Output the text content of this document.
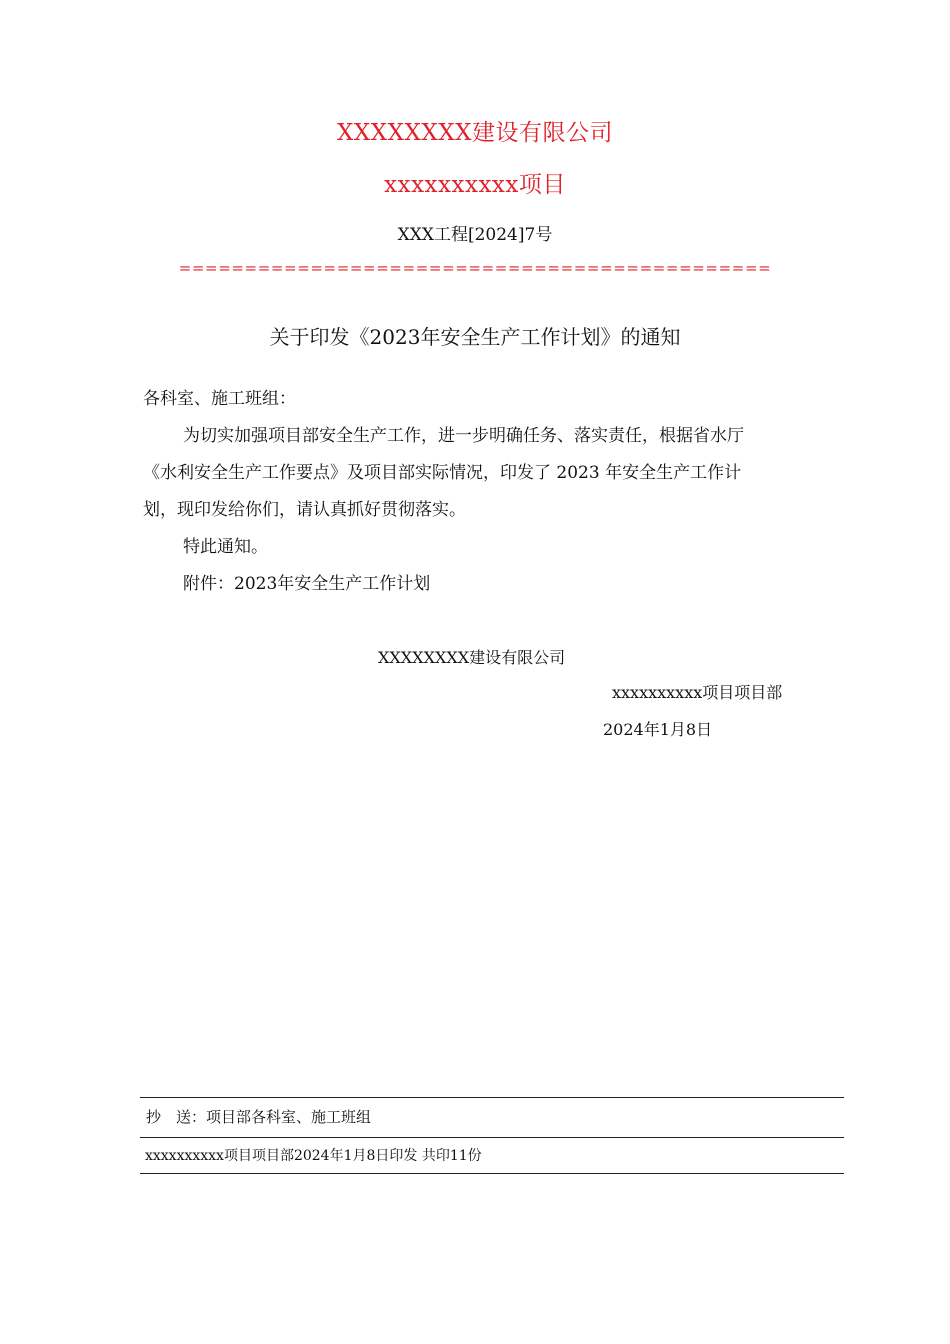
XXXXXXXX建设有限公司
xxxxxxxxxx项目
XXX工程[2024]7号
=============================================
关于印发《2023年安全生产工作计划》的通知
各科室、施工班组：
为切实加强项目部安全生产工作，进一步明确任务、落实责任，根据省水厅
《水利安全生产工作要点》及项目部实际情况，印发了 2023 年安全生产工作计
划，现印发给你们，请认真抓好贯彻落实。
特此通知。
附件：2023年安全生产工作计划
XXXXXXXX建设有限公司
xxxxxxxxxx项目项目部
2024年1月8日
抄　送：项目部各科室、施工班组
xxxxxxxxxx项目项目部2024年1月8日印发 共印11份
